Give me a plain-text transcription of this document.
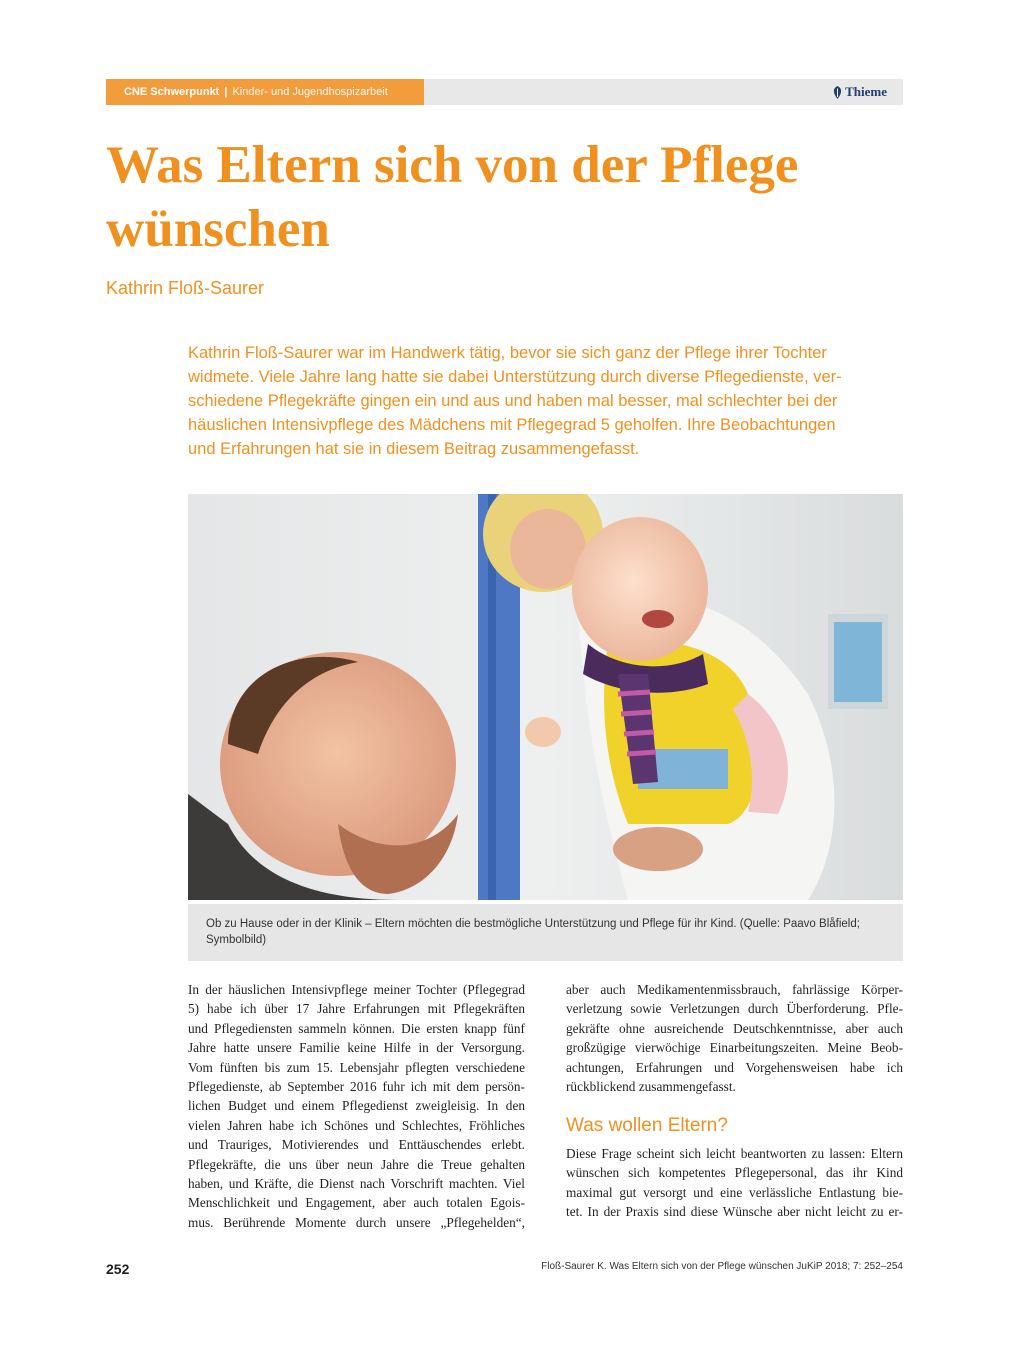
CNE Schwerpunkt | Kinder- und Jugendhospizarbeit	Thieme
Was Eltern sich von der Pflege
wünschen
Kathrin Floß-Saurer

Kathrin Floß-Saurer war im Handwerk tätig, bevor sie sich ganz der Pflege ihrer Tochter
widmete. Viele Jahre lang hatte sie dabei Unterstützung durch diverse Pflegedienste, ver-
schiedene Pflegekräfte gingen ein und aus und haben mal besser, mal schlechter bei der
häuslichen Intensivpflege des Mädchens mit Pflegegrad 5 geholfen. Ihre Beobachtungen
und Erfahrungen hat sie in diesem Beitrag zusammengefasst.

Ob zu Hause oder in der Klinik – Eltern möchten die bestmögliche Unterstützung und Pflege für ihr Kind. (Quelle: Paavo Blåfield;
Symbolbild)
In der häuslichen Intensivpflege meiner Tochter (Pflegegrad
5) habe ich über 17 Jahre Erfahrungen mit Pflegekräften
und Pflegediensten sammeln können. Die ersten knapp fünf
Jahre hatte unsere Familie keine Hilfe in der Versorgung.
Vom fünften bis zum 15. Lebensjahr pflegten verschiedene
Pflegedienste, ab September 2016 fuhr ich mit dem persön-
lichen Budget und einem Pflegedienst zweigleisig. In den
vielen Jahren habe ich Schönes und Schlechtes, Fröhliches
und Trauriges, Motivierendes und Enttäuschendes erlebt.
Pflegekräfte, die uns über neun Jahre die Treue gehalten
haben, und Kräfte, die Dienst nach Vorschrift machten. Viel
Menschlichkeit und Engagement, aber auch totalen Egois-
mus. Berührende Momente durch unsere „Pflegehelden“,
aber auch Medikamentenmissbrauch, fahrlässige Körper-
verletzung sowie Verletzungen durch Überforderung. Pfle-
gekräfte ohne ausreichende Deutschkenntnisse, aber auch
großzügige vierwöchige Einarbeitungszeiten. Meine Beob-
achtungen, Erfahrungen und Vorgehensweisen habe ich
rückblickend zusammengefasst.
Was wollen Eltern?
Diese Frage scheint sich leicht beantworten zu lassen: Eltern
wünschen sich kompetentes Pflegepersonal, das ihr Kind
maximal gut versorgt und eine verlässliche Entlastung bie-
tet. In der Praxis sind diese Wünsche aber nicht leicht zu er-
252	Floß-Saurer K. Was Eltern sich von der Pflege wünschen JuKiP 2018; 7: 252–254
